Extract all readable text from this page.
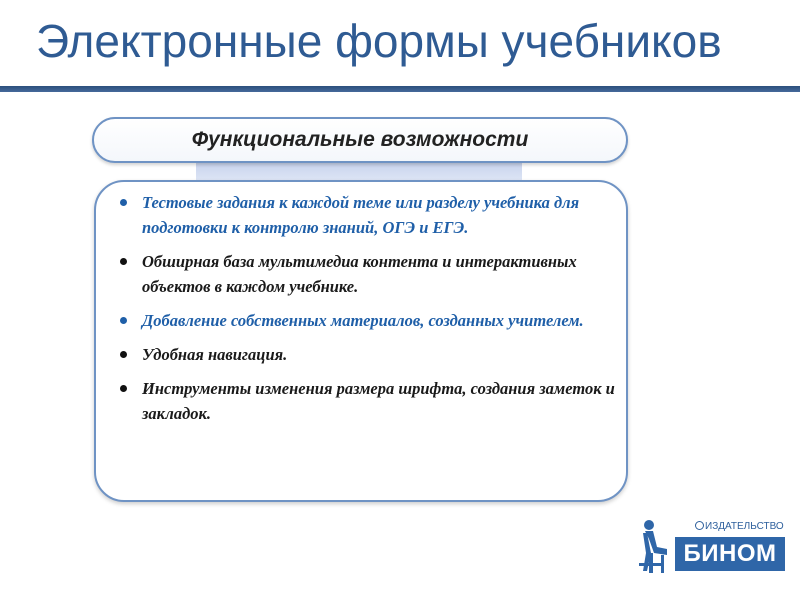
Электронные формы учебников
Функциональные возможности
Тестовые задания к каждой теме или разделу учебника для подготовки к контролю знаний, ОГЭ и ЕГЭ.
Обширная база мультимедиа контента и интерактивных объектов в каждом учебнике.
Добавление собственных материалов, созданных учителем.
Удобная навигация.
Инструменты изменения размера шрифта, создания заметок и закладок.
ИЗДАТЕЛЬСТВО
БИНОМ
